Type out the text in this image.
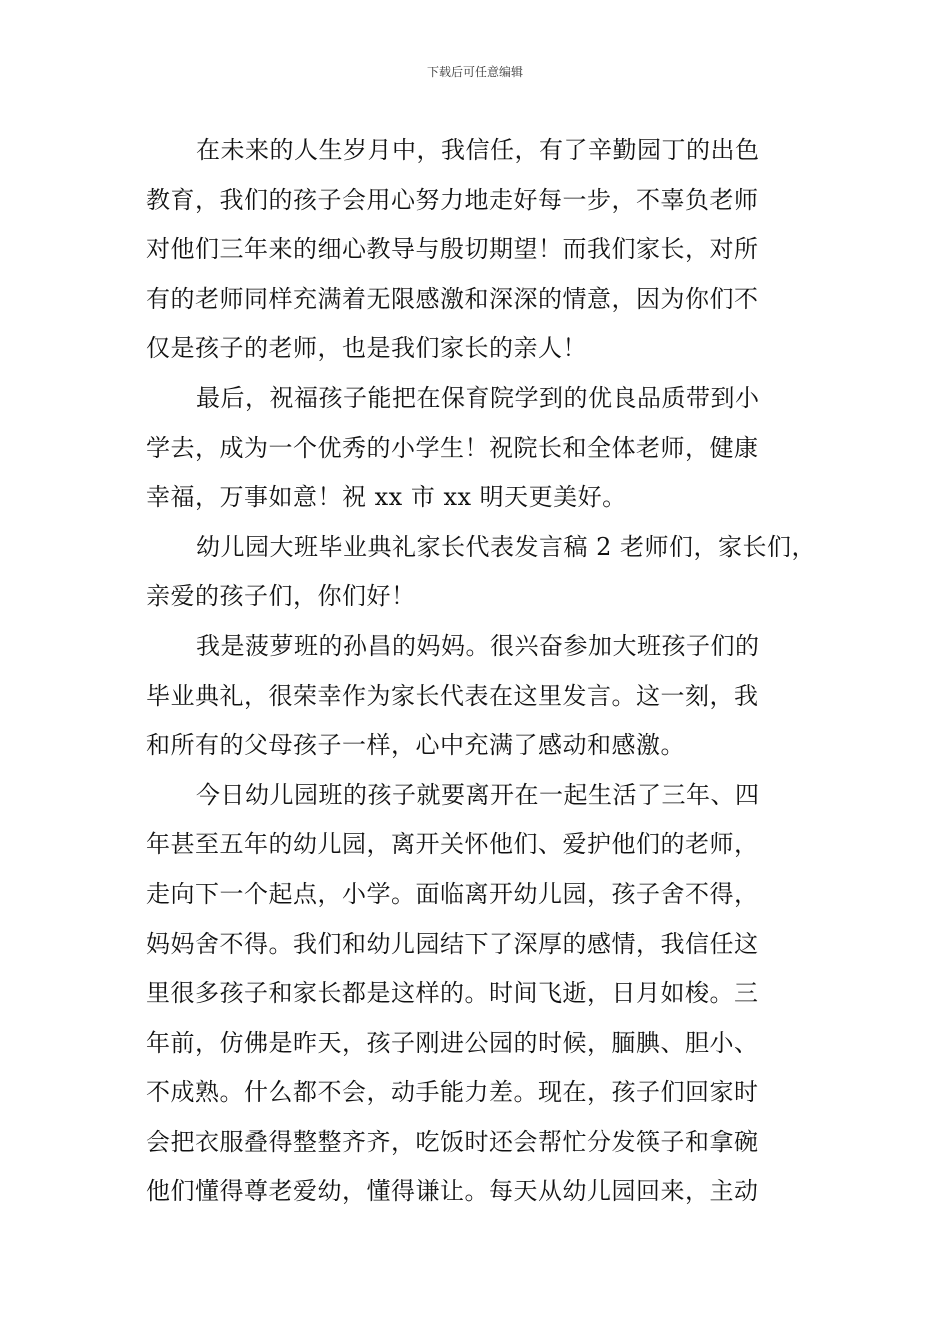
下载后可任意编辑
在未来的人生岁月中，我信任，有了辛勤园丁的出色
教育，我们的孩子会用心努力地走好每一步，不辜负老师
对他们三年来的细心教导与殷切期望！而我们家长，对所
有的老师同样充满着无限感激和深深的情意，因为你们不
仅是孩子的老师，也是我们家长的亲人！
最后，祝福孩子能把在保育院学到的优良品质带到小
学去，成为一个优秀的小学生！祝院长和全体老师，健康
幸福，万事如意！祝 xx 市 xx 明天更美好。
幼儿园大班毕业典礼家长代表发言稿 2 老师们，家长们，
亲爱的孩子们，你们好！
我是菠萝班的孙昌的妈妈。很兴奋参加大班孩子们的
毕业典礼，很荣幸作为家长代表在这里发言。这一刻，我
和所有的父母孩子一样，心中充满了感动和感激。
今日幼儿园班的孩子就要离开在一起生活了三年、四
年甚至五年的幼儿园，离开关怀他们、爱护他们的老师，
走向下一个起点，小学。面临离开幼儿园，孩子舍不得，
妈妈舍不得。我们和幼儿园结下了深厚的感情，我信任这
里很多孩子和家长都是这样的。时间飞逝，日月如梭。三
年前，仿佛是昨天，孩子刚进公园的时候，腼腆、胆小、
不成熟。什么都不会，动手能力差。现在，孩子们回家时
会把衣服叠得整整齐齐，吃饭时还会帮忙分发筷子和拿碗
他们懂得尊老爱幼，懂得谦让。每天从幼儿园回来，主动
